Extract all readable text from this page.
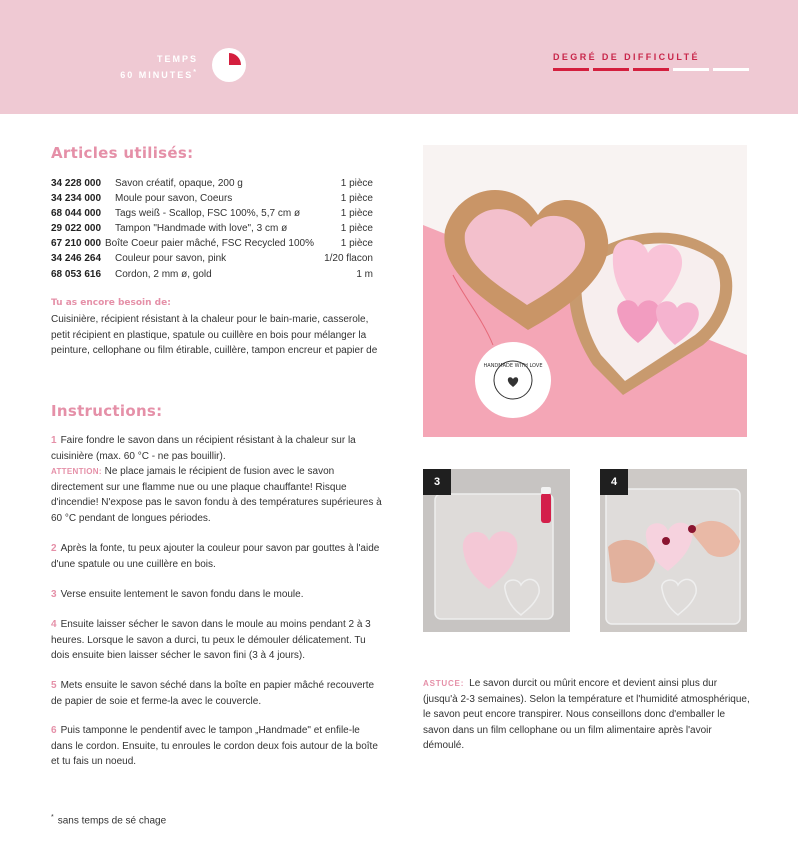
TEMPS
60 MINUTES*
DEGRÉ DE DIFFICULTÉ
Articles utilisés:
34 228 000	Savon créatif, opaque, 200 g	1 pièce
34 234 000	Moule pour savon, Coeurs	1 pièce
68 044 000	Tags weiß - Scallop, FSC 100%, 5,7 cm ø	1 pièce
29 022 000	Tampon "Handmade with love", 3 cm ø	1 pièce
67 210 000 Boîte Coeur paier mâché, FSC Recycled 100%	1 pièce
34 246 264	Couleur pour savon, pink	1/20 flacon
68 053 616	Cordon, 2 mm ø, gold	1 m
Tu as encore besoin de:
Cuisinière, récipient résistant à la chaleur pour le bain-marie, casserole, petit récipient en plastique, spatule ou cuillère en bois pour mélanger la peinture, cellophane ou film étirable, cuillère, tampon encreur et papier de
Instructions:
1 Faire fondre le savon dans un récipient résistant à la chaleur sur la cuisinière (max. 60 °C - ne pas bouillir).
ATTENTION: Ne place jamais le récipient de fusion avec le savon directement sur une flamme nue ou une plaque chauffante! Risque d'incendie! N'expose pas le savon fondu à des températures supérieures à 60 °C pendant de longues périodes.
2 Après la fonte, tu peux ajouter la couleur pour savon par gouttes à l'aide d'une spatule ou une cuillère en bois.
3 Verse ensuite lentement le savon fondu dans le moule.
4 Ensuite laisser sécher le savon dans le moule au moins pendant 2 à 3 heures. Lorsque le savon a durci, tu peux le démouler délicatement. Tu dois ensuite bien laisser sécher le savon fini (3 à 4 jours).
5 Mets ensuite le savon séché dans la boîte en papier mâché recouverte de papier de soie et ferme-la avec le couvercle.
6 Puis tamponne le pendentif avec le tampon „Handmade" et enfile-le dans le cordon. Ensuite, tu enroules le cordon deux fois autour de la boîte et tu fais un noeud.
HANDMADE WITH LOVE
3	4
ASTUCE: Le savon durcit ou mûrit encore et devient ainsi plus dur (jusqu'à 2-3 semaines). Selon la température et l'humidité atmosphérique, le savon peut encore transpirer. Nous conseillons donc d'emballer le savon dans un film cellophane ou un film alimentaire après l'avoir démoulé.
* sans temps de sé chage
